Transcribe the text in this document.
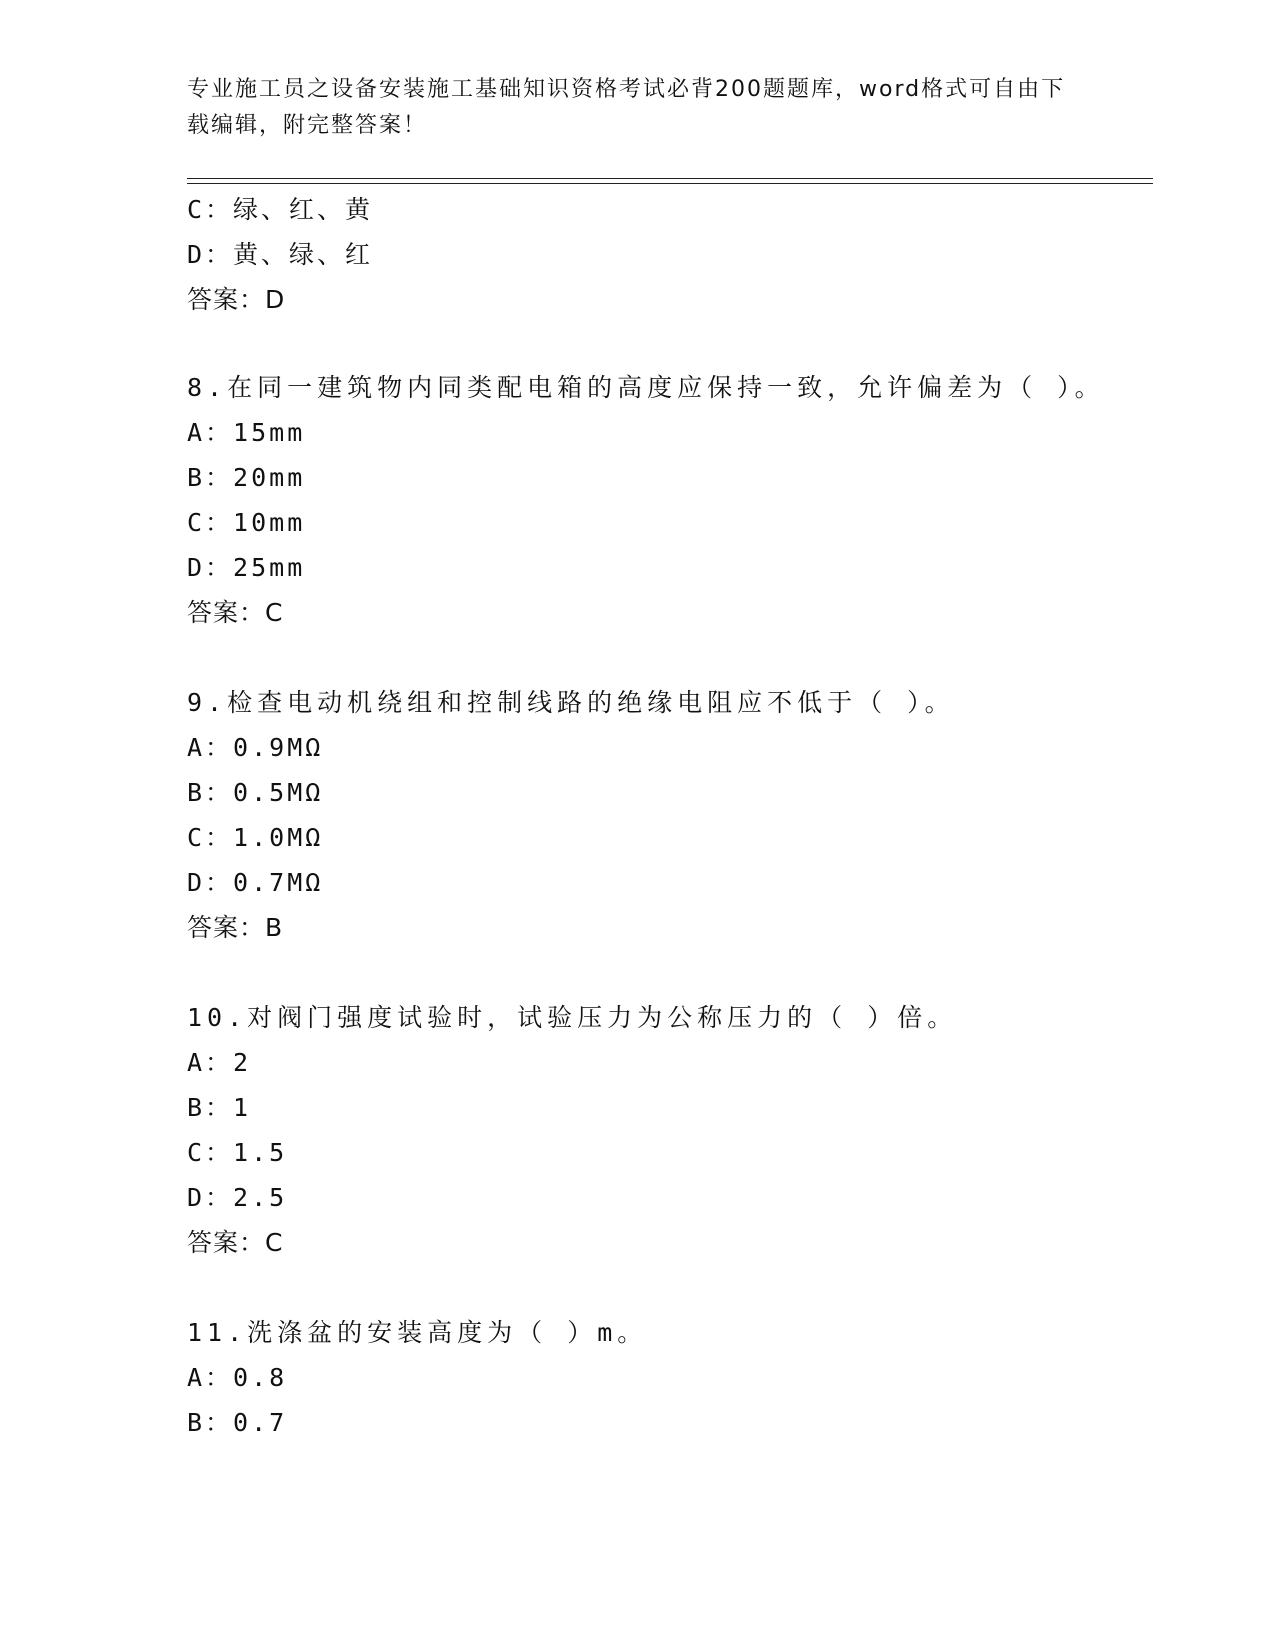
专业施工员之设备安装施工基础知识资格考试必背200题题库，word格式可自由下载编辑，附完整答案！
C：绿、红、黄
D：黄、绿、红
答案：D
8.在同一建筑物内同类配电箱的高度应保持一致，允许偏差为（ ）。
A：15mm
B：20mm
C：10mm
D：25mm
答案：C
9.检查电动机绕组和控制线路的绝缘电阻应不低于（ ）。
A：0.9MΩ
B：0.5MΩ
C：1.0MΩ
D：0.7MΩ
答案：B
10.对阀门强度试验时，试验压力为公称压力的（ ）倍。
A：2
B：1
C：1.5
D：2.5
答案：C
11.洗涤盆的安装高度为（ ）m。
A：0.8
B：0.7
